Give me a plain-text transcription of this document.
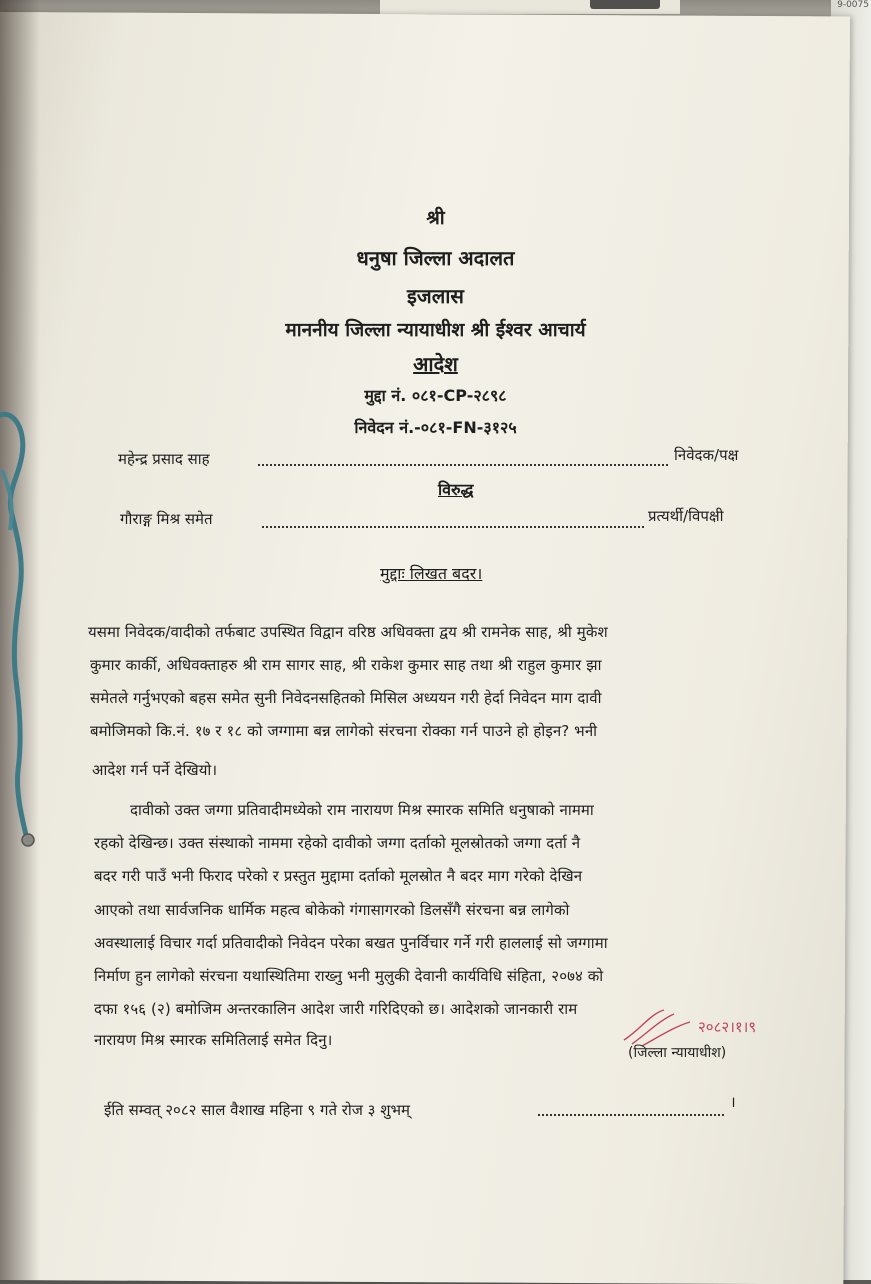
9-0075
श्री
धनुषा जिल्ला अदालत
इजलास
माननीय जिल्ला न्यायाधीश श्री ईश्वर आचार्य
आदेश
मुद्दा नं. ०८१-CP-२८९८
निवेदन नं.-०८१-FN-३१२५
महेन्द्र प्रसाद साह	निवेदक/पक्ष
विरुद्ध
गौराङ्ग मिश्र समेत	प्रत्यर्थी/विपक्षी
मुद्दाः लिखत बदर।
यसमा निवेदक/वादीको तर्फबाट उपस्थित विद्वान वरिष्ठ अधिवक्ता द्वय श्री रामनेक साह, श्री मुकेश
कुमार कार्की, अधिवक्ताहरु श्री राम सागर साह, श्री राकेश कुमार साह तथा श्री राहुल कुमार झा
समेतले गर्नुभएको बहस समेत सुनी निवेदनसहितको मिसिल अध्ययन गरी हेर्दा निवेदन माग दावी
बमोजिमको कि.नं. १७ र १८ को जग्गामा बन्न लागेको संरचना रोक्का गर्न पाउने हो होइन? भनी
आदेश गर्न पर्ने देखियो।
दावीको उक्त जग्गा प्रतिवादीमध्येको राम नारायण मिश्र स्मारक समिति धनुषाको नाममा
रहको देखिन्छ। उक्त संस्थाको नाममा रहेको दावीको जग्गा दर्ताको मूलस्रोतको जग्गा दर्ता नै
बदर गरी पाउँ भनी फिराद परेको र प्रस्तुत मुद्दामा दर्ताको मूलस्रोत नै बदर माग गरेको देखिन
आएको तथा सार्वजनिक धार्मिक महत्व बोकेको गंगासागरको डिलसँगै संरचना बन्न लागेको
अवस्थालाई विचार गर्दा प्रतिवादीको निवेदन परेका बखत पुनर्विचार गर्ने गरी हाललाई सो जग्गामा
निर्माण हुन लागेको संरचना यथास्थितिमा राख्नु भनी मुलुकी देवानी कार्यविधि संहिता, २०७४ को
दफा १५६ (२) बमोजिम अन्तरकालिन आदेश जारी गरिदिएको छ। आदेशको जानकारी राम
नारायण मिश्र स्मारक समितिलाई समेत दिनु।
२०८२।१।९
(जिल्ला न्यायाधीश)
ईति सम्वत् २०८२ साल वैशाख महिना ९ गते रोज ३ शुभम्	।
